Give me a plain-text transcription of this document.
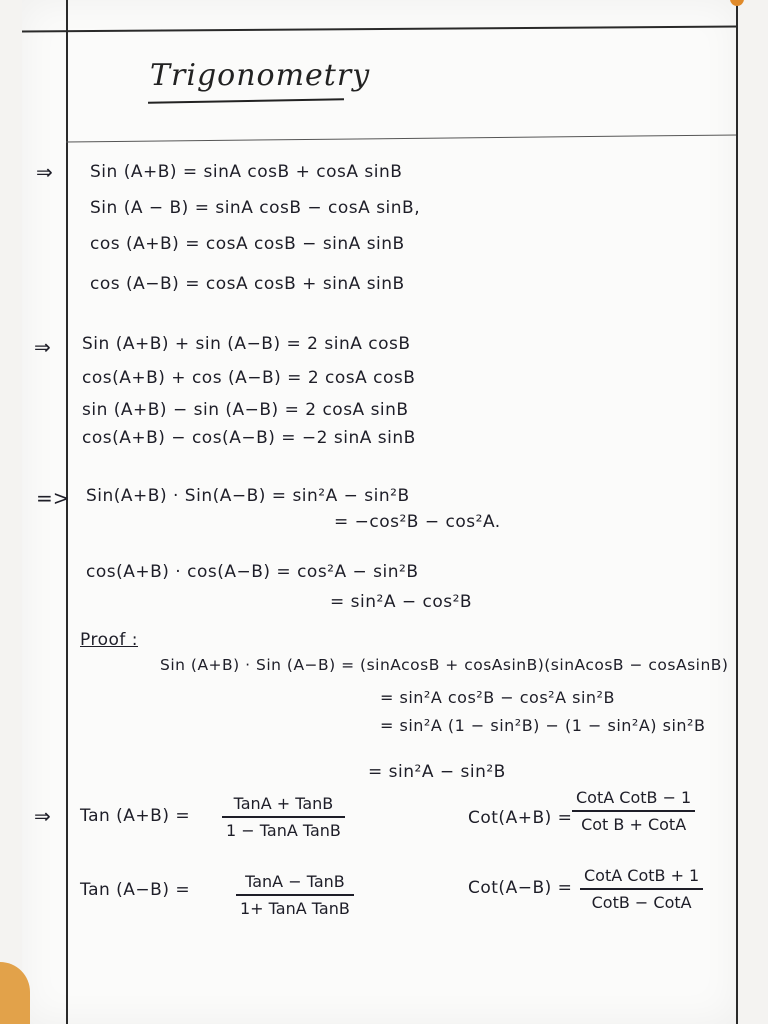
Trigonometry
⇒ Sin (A+B) = sinA cosB + cosA sinB
Sin (A − B) = sinA cosB − cosA sinB,
cos (A+B) = cosA cosB − sinA sinB
cos (A−B) = cosA cosB + sinA sinB
⇒ Sin (A+B) + sin (A−B) = 2 sinA cosB
cos(A+B) + cos (A−B) = 2 cosA cosB
sin (A+B) − sin (A−B) = 2 cosA sinB
cos(A+B) − cos(A−B) = −2 sinA sinB
=> Sin(A+B) · Sin(A−B) = sin²A − sin²B
= −cos²B − cos²A.
cos(A+B) · cos(A−B) = cos²A − sin²B
= sin²A − cos²B
Proof :
Sin (A+B) · Sin (A−B) = (sinAcosB + cosAsinB)(sinAcosB − cosAsinB)
= sin²A cos²B − cos²A sin²B
= sin²A (1 − sin²B) − (1 − sin²A) sin²B
= sin²A − sin²B
⇒ Tan (A+B) =
TanA + TanB
1 − TanA TanB
Cot(A+B) =
CotA CotB − 1
Cot B + CotA
Tan (A−B) =	TanA − TanB
1+ TanA TanB
Cot(A−B) =
CotA CotB + 1
CotB − CotA
